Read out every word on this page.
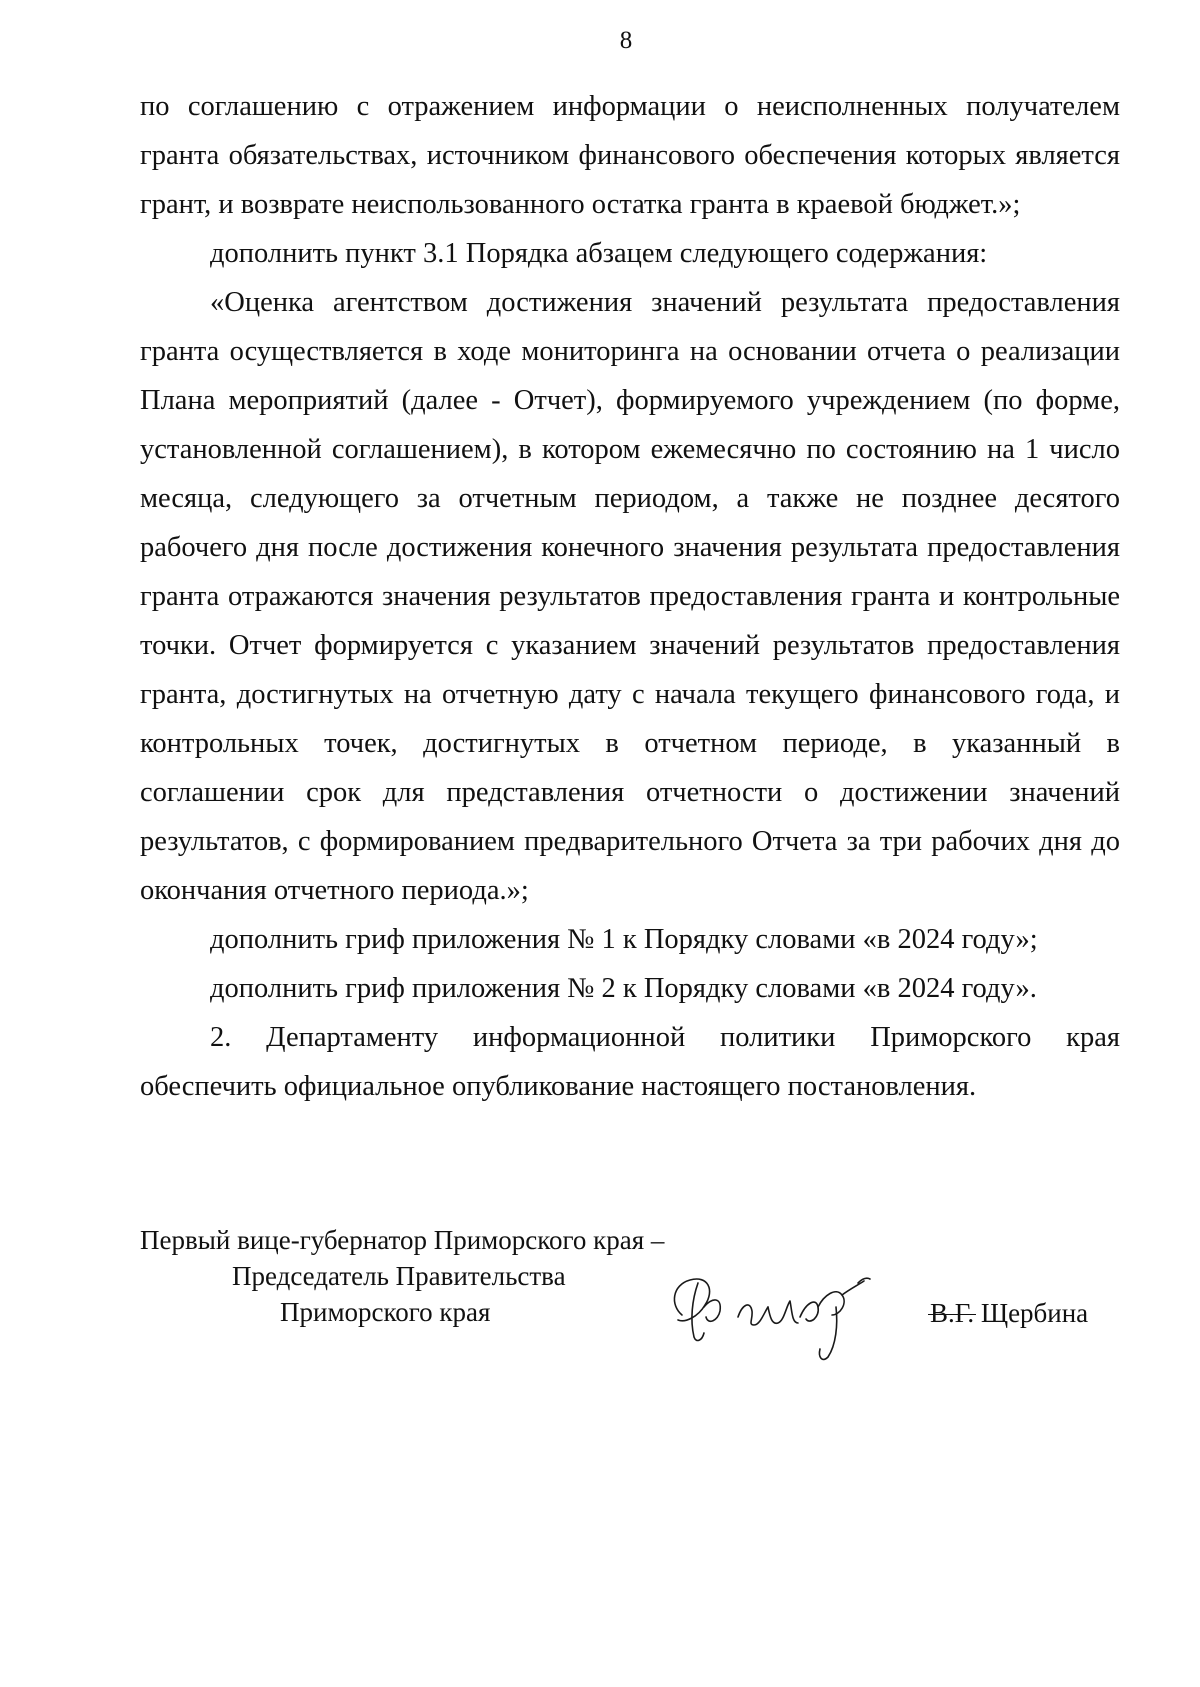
8

по соглашению с отражением информации о неисполненных получателем гранта обязательствах, источником финансового обеспечения которых является грант, и возврате неиспользованного остатка гранта в краевой бюджет.»;

дополнить пункт 3.1 Порядка абзацем следующего содержания:

«Оценка агентством достижения значений результата предоставления гранта осуществляется в ходе мониторинга на основании отчета о реализации Плана мероприятий (далее - Отчет), формируемого учреждением (по форме, установленной соглашением), в котором ежемесячно по состоянию на 1 число месяца, следующего за отчетным периодом, а также не позднее десятого рабочего дня после достижения конечного значения результата предоставления гранта отражаются значения результатов предоставления гранта и контрольные точки. Отчет формируется с указанием значений результатов предоставления гранта, достигнутых на отчетную дату с начала текущего финансового года, и контрольных точек, достигнутых в отчетном периоде, в указанный в соглашении срок для представления отчетности о достижении значений результатов, с формированием предварительного Отчета за три рабочих дня до окончания отчетного периода.»;

дополнить гриф приложения № 1 к Порядку словами «в 2024 году»;

дополнить гриф приложения № 2 к Порядку словами «в 2024 году».

2. Департаменту информационной политики Приморского края обеспечить официальное опубликование настоящего постановления.

Первый вице-губернатор Приморского края –
Председатель Правительства
Приморского края	В.Г. Щербина
